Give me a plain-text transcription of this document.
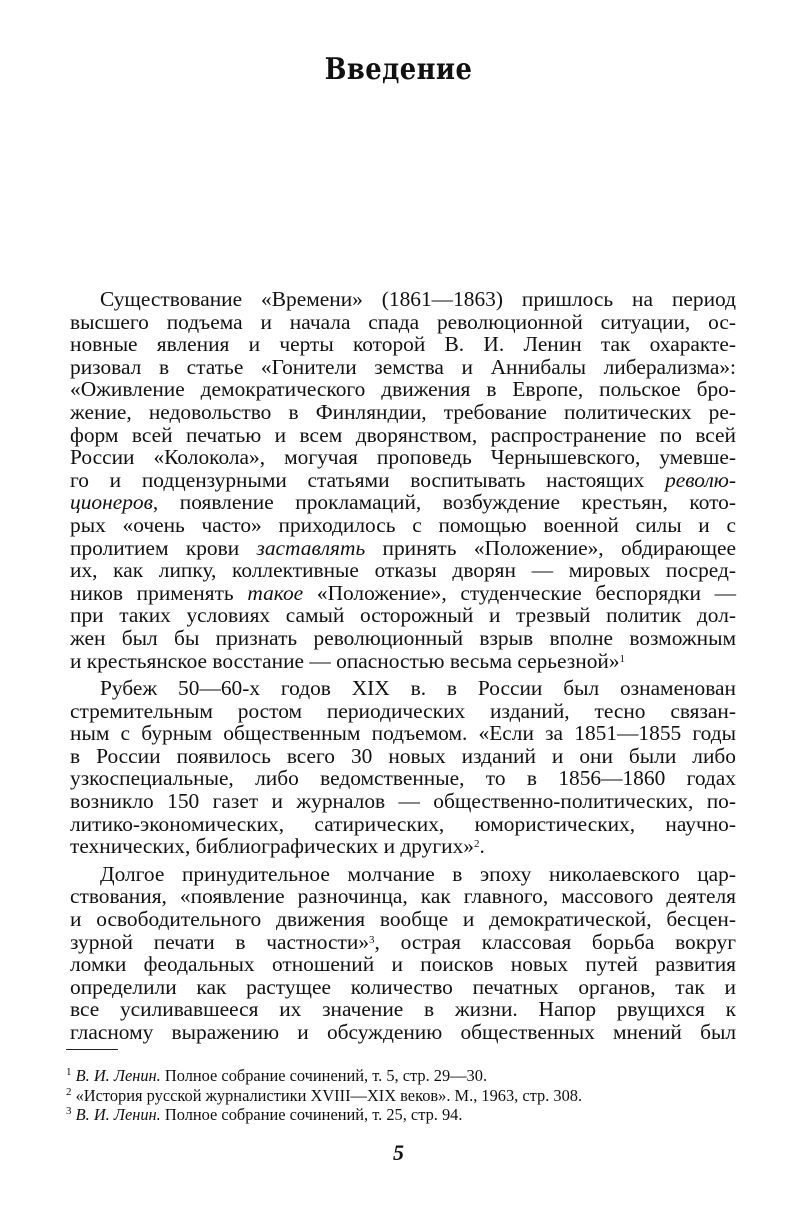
Введение
Существование «Времени» (1861—1863) пришлось на период
высшего подъема и начала спада революционной ситуации, ос-
новные явления и черты которой В. И. Ленин так охаракте-
ризовал в статье «Гонители земства и Аннибалы либерализма»:
«Оживление демократического движения в Европе, польское бро-
жение, недовольство в Финляндии, требование политических ре-
форм всей печатью и всем дворянством, распространение по всей
России «Колокола», могучая проповедь Чернышевского, умевше-
го и подцензурными статьями воспитывать настоящих револю-
ционеров, появление прокламаций, возбуждение крестьян, кото-
рых «очень часто» приходилось с помощью военной силы и с
пролитием крови заставлять принять «Положение», обдирающее
их, как липку, коллективные отказы дворян — мировых посред-
ников применять такое «Положение», студенческие беспорядки —
при таких условиях самый осторожный и трезвый политик дол-
жен был бы признать революционный взрыв вполне возможным
и крестьянское восстание — опасностью весьма серьезной»$^1$
Рубеж 50—60-х годов XIX в. в России был ознаменован
стремительным ростом периодических изданий, тесно связан-
ным с бурным общественным подъемом. «Если за 1851—1855 годы
в России появилось всего 30 новых изданий и они были либо
узкоспециальные, либо ведомственные, то в 1856—1860 годах
возникло 150 газет и журналов — общественно-политических, по-
литико-экономических, сатирических, юмористических, научно-
технических, библиографических и других»$^2$.
Долгое принудительное молчание в эпоху николаевского цар-
ствования, «появление разночинца, как главного, массового деятеля
и освободительного движения вообще и демократической, бесцен-
зурной печати в частности»$^3$, острая классовая борьба вокруг
ломки феодальных отношений и поисков новых путей развития
определили как растущее количество печатных органов, так и
все усиливавшееся их значение в жизни. Напор рвущихся к
гласному выражению и обсуждению общественных мнений был
$^1$ В. И. Ленин. Полное собрание сочинений, т. 5, стр. 29—30.
$^2$ «История русской журналистики XVIII—XIX веков». М., 1963, стр. 308.
$^3$ В. И. Ленин. Полное собрание сочинений, т. 25, стр. 94.
5
